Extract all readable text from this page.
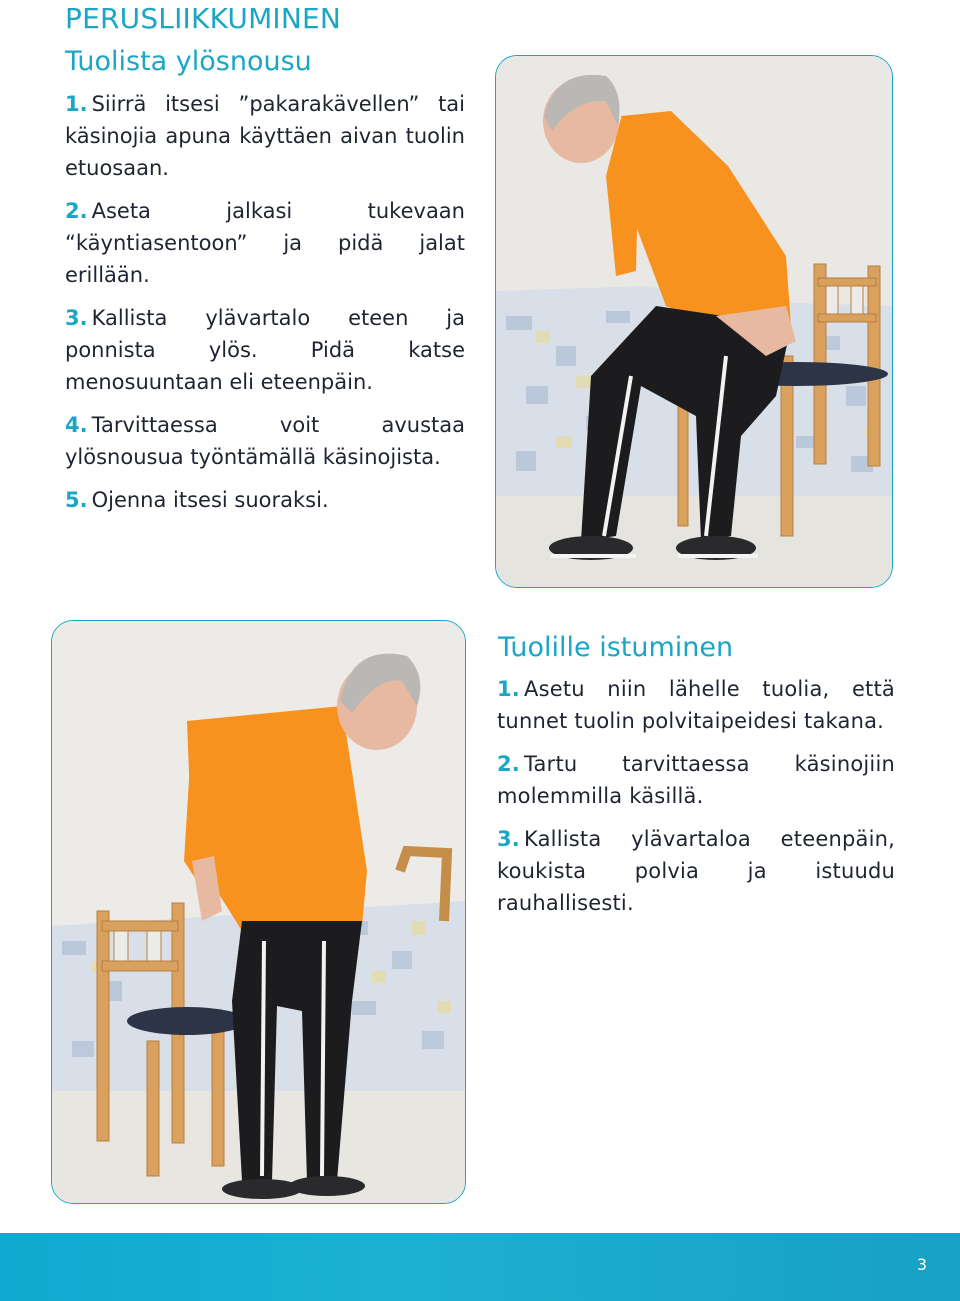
PERUSLIIKKUMINEN
Tuolista ylösnousu
1. Siirrä itsesi ”pakarakävellen” tai käsinojia apuna käyttäen aivan tuolin etuosaan.
2. Aseta jalkasi tukevaan “käyntiasentoon” ja pidä jalat erillään.
3. Kallista ylävartalo eteen ja ponnista ylös. Pidä katse menosuuntaan eli eteenpäin.
4. Tarvittaessa voit avustaa ylösnousua työntämällä käsinojista.
5. Ojenna itsesi suoraksi.
Tuolille istuminen
1. Asetu niin lähelle tuolia, että tunnet tuolin polvitaipeidesi takana.
2. Tartu tarvittaessa käsinojiin molemmilla käsillä.
3. Kallista ylävartaloa eteenpäin, koukista polvia ja istuudu rauhallisesti.
3
